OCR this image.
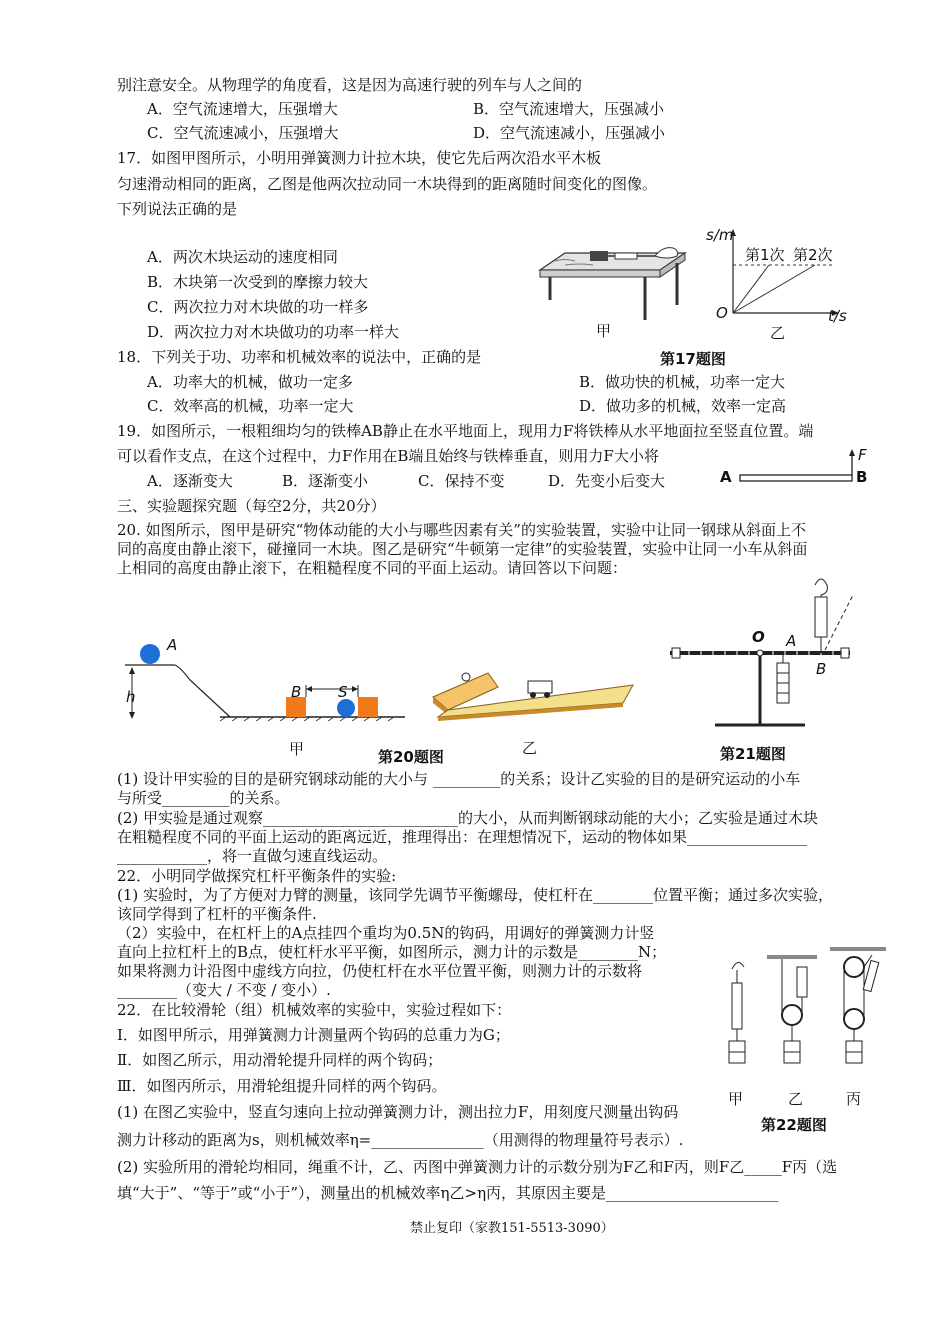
别注意安全。从物理学的角度看，这是因为高速行驶的列车与人之间的
A．空气流速增大，压强增大	B．空气流速增大，压强减小
C．空气流速减小，压强增大	D．空气流速减小，压强减小
17．如图甲图所示，小明用弹簧测力计拉木块，使它先后两次沿水平木板
匀速滑动相同的距离，乙图是他两次拉动同一木块得到的距离随时间变化的图像。
下列说法正确的是
A．两次木块运动的速度相同
B．木块第一次受到的摩擦力较大
C．两次拉力对木块做的功一样多
D．两次拉力对木块做功的功率一样大	甲
s/m
t/s
O
第1次 第2次
乙
第17题图
18．下列关于功、功率和机械效率的说法中，正确的是
A．功率大的机械，做功一定多	B．做功快的机械，功率一定大
C．效率高的机械，功率一定大	D．做功多的机械，效率一定高
19．如图所示，一根粗细均匀的铁棒AB静止在水平地面上，现用力F将铁棒从水平地面拉至竖直位置。端
可以看作支点，在这个过程中，力F作用在B端且始终与铁棒垂直，则用力F大小将
A．逐渐变大	B．逐渐变小	C．保持不变	D．先变小后变大	A	B
F
三、实验题探究题（每空2分，共20分）
20. 如图所示，图甲是研究“物体动能的大小与哪些因素有关”的实验装置，实验中让同一钢球从斜面上不
同的高度由静止滚下，碰撞同一木块。图乙是研究“牛顿第一定律”的实验装置，实验中让同一小车从斜面
上相同的高度由静止滚下，在粗糙程度不同的平面上运动。请回答以下问题：
A
h	B S
甲	乙
第20题图
O A
B
第21题图
(1) 设计甲实验的目的是研究钢球动能的大小与 _________的关系；设计乙实验的目的是研究运动的小车
与所受_________的关系。
(2) 甲实验是通过观察__________________________的大小，从而判断钢球动能的大小；乙实验是通过木块
在粗糙程度不同的平面上运动的距离远近，推理得出：在理想情况下，运动的物体如果________________
____________，将一直做匀速直线运动。
22．小明同学做探究杠杆平衡条件的实验:
(1) 实验时，为了方便对力臂的测量，该同学先调节平衡螺母，使杠杆在________位置平衡；通过多次实验，
该同学得到了杠杆的平衡条件.
（2）实验中，在杠杆上的A点挂四个重均为0.5N的钩码，用调好的弹簧测力计竖
直向上拉杠杆上的B点，使杠杆水平平衡，如图所示，测力计的示数是________N；
如果将测力计沿图中虚线方向拉，仍使杠杆在水平位置平衡，则测力计的示数将
________（变大 / 不变 / 变小）.
22．在比较滑轮（组）机械效率的实验中，实验过程如下：
Ⅰ．如图甲所示，用弹簧测力计测量两个钩码的总重力为G；
Ⅱ．如图乙所示，用动滑轮提升同样的两个钩码；
Ⅲ．如图丙所示，用滑轮组提升同样的两个钩码。
(1) 在图乙实验中，竖直匀速向上拉动弹簧测力计，测出拉力F，用刻度尺测量出钩码
测力计移动的距离为s，则机械效率η=_______________（用测得的物理量符号表示）.
(2) 实验所用的滑轮均相同，绳重不计，乙、丙图中弹簧测力计的示数分别为F乙和F丙，则F乙_____F丙（选
填“大于”、“等于”或“小于”），测量出的机械效率η乙>η丙，其原因主要是_______________________
甲	乙	丙
第22题图
禁止复印（家教151-5513-3090）
